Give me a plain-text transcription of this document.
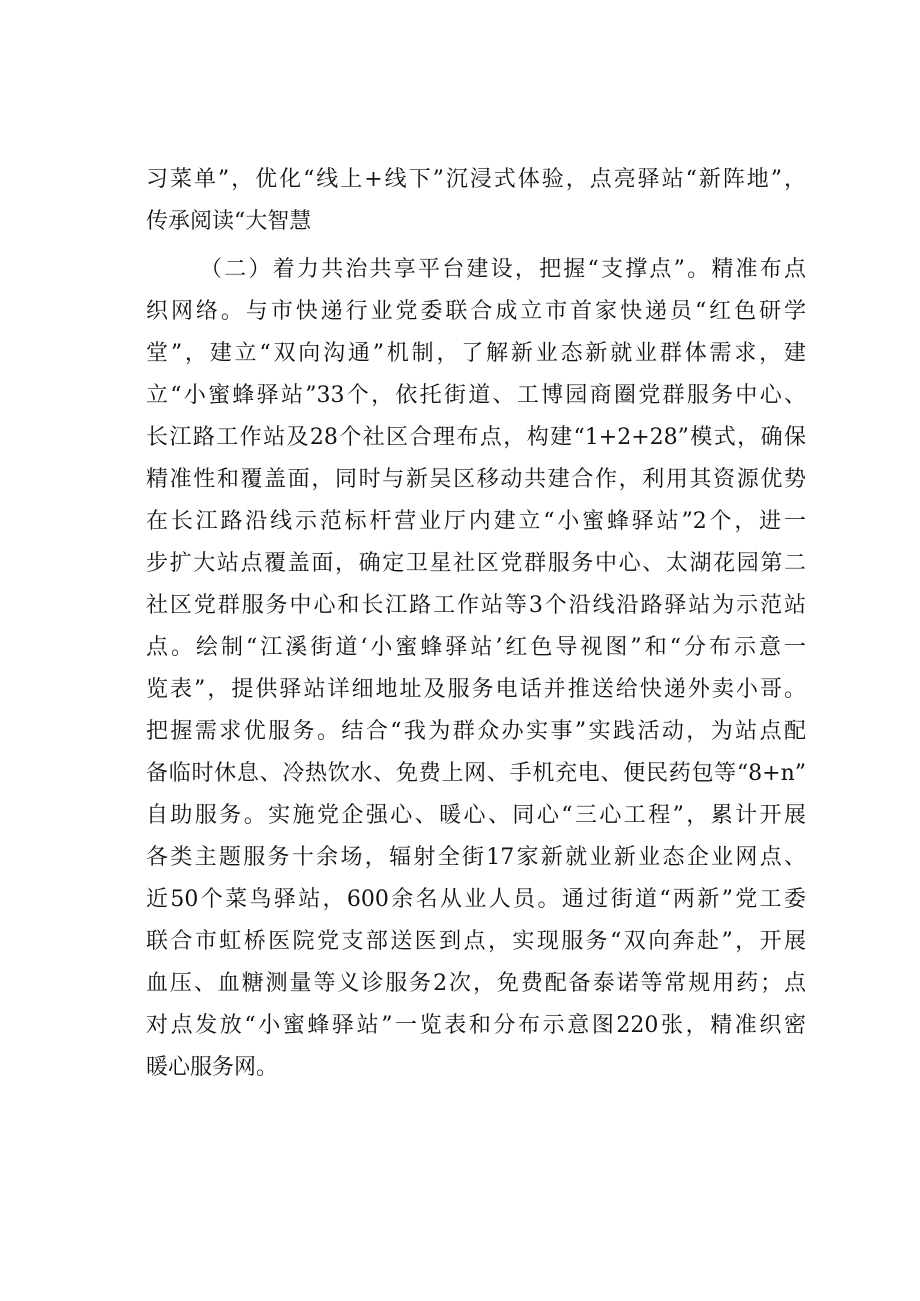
习菜单”，优化“线上+线下”沉浸式体验，点亮驿站“新阵地”，
传承阅读“大智慧
（二）着力共治共享平台建设，把握“支撑点”。精准布点
织网络。与市快递行业党委联合成立市首家快递员“红色研学
堂”，建立“双向沟通”机制，了解新业态新就业群体需求，建
立“小蜜蜂驿站”33个，依托街道、工博园商圈党群服务中心、
长江路工作站及28个社区合理布点，构建“1+2+28”模式，确保
精准性和覆盖面，同时与新吴区移动共建合作，利用其资源优势
在长江路沿线示范标杆营业厅内建立“小蜜蜂驿站”2个，进一
步扩大站点覆盖面，确定卫星社区党群服务中心、太湖花园第二
社区党群服务中心和长江路工作站等3个沿线沿路驿站为示范站
点。绘制“江溪街道‘小蜜蜂驿站’红色导视图”和“分布示意一
览表”，提供驿站详细地址及服务电话并推送给快递外卖小哥。
把握需求优服务。结合“我为群众办实事”实践活动，为站点配
备临时休息、冷热饮水、免费上网、手机充电、便民药包等“8+n”
自助服务。实施党企强心、暖心、同心“三心工程”，累计开展
各类主题服务十余场，辐射全街17家新就业新业态企业网点、
近50个菜鸟驿站，600余名从业人员。通过街道“两新”党工委
联合市虹桥医院党支部送医到点，实现服务“双向奔赴”，开展
血压、血糖测量等义诊服务2次，免费配备泰诺等常规用药；点
对点发放“小蜜蜂驿站”一览表和分布示意图220张，精准织密
暖心服务网。
